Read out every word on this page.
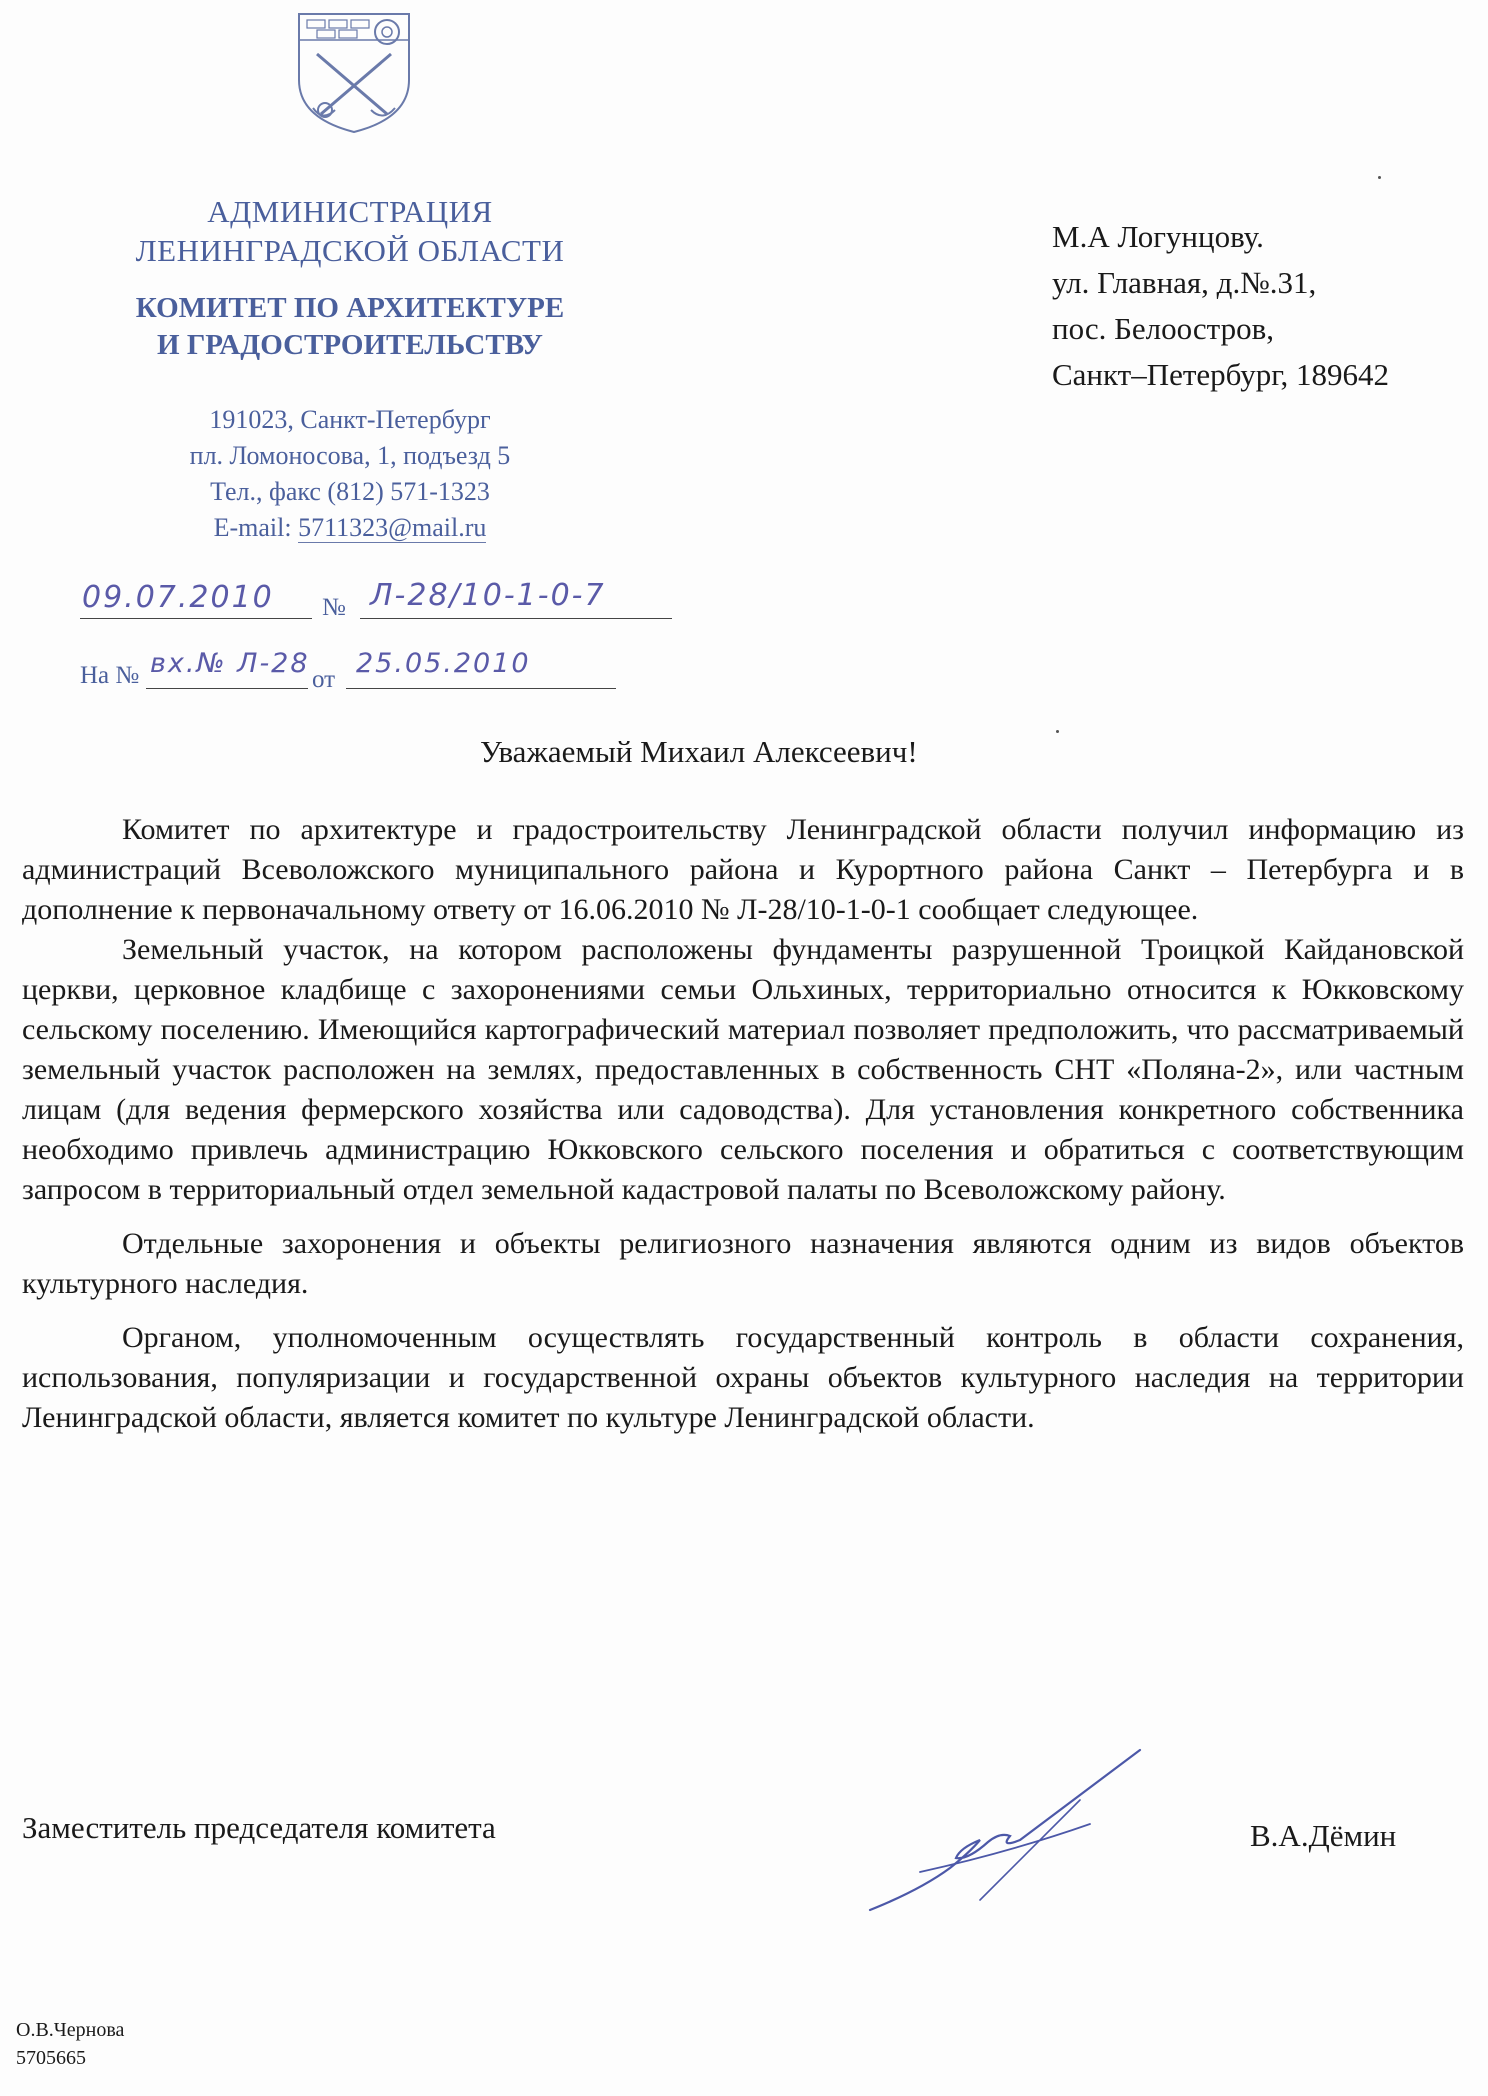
АДМИНИСТРАЦИЯ
ЛЕНИНГРАДСКОЙ ОБЛАСТИ
КОМИТЕТ ПО АРХИТЕКТУРЕ
И ГРАДОСТРОИТЕЛЬСТВУ
191023, Санкт-Петербург
пл. Ломоносова, 1, подъезд 5
Тел., факс (812) 571-1323
E-mail: 5711323@mail.ru
09.07.2010 № Л-28/10-1-0-7
На № вх.№ Л-28
от
25.05.2010
М.А Логунцову.
ул. Главная, д.№.31,
пос. Белоостров,
Санкт–Петербург, 189642
Уважаемый Михаил Алексеевич!

Комитет по архитектуре и градостроительству Ленинградской области получил информацию из администраций Всеволожского муниципального района и Курортного района Санкт – Петербурга и в дополнение к первоначальному ответу от 16.06.2010 № Л-28/10-1-0-1 сообщает следующее.

Земельный участок, на котором расположены фундаменты разрушенной Троицкой Кайдановской церкви, церковное кладбище с захоронениями семьи Ольхиных, территориально относится к Юкковскому сельскому поселению. Имеющийся картографический материал позволяет предположить, что рассматриваемый земельный участок расположен на землях, предоставленных в собственность СНТ «Поляна-2», или частным лицам (для ведения фермерского хозяйства или садоводства). Для установления конкретного собственника необходимо привлечь администрацию Юкковского сельского поселения и обратиться с соответствующим запросом в территориальный отдел земельной кадастровой палаты по Всеволожскому району.

Отдельные захоронения и объекты религиозного назначения являются одним из видов объектов культурного наследия.

Органом, уполномоченным осуществлять государственный контроль в области сохранения, использования, популяризации и государственной охраны объектов культурного наследия на территории Ленинградской области, является комитет по культуре Ленинградской области.

Заместитель председателя комитета	В.А.Дёмин
О.В.Чернова
5705665
